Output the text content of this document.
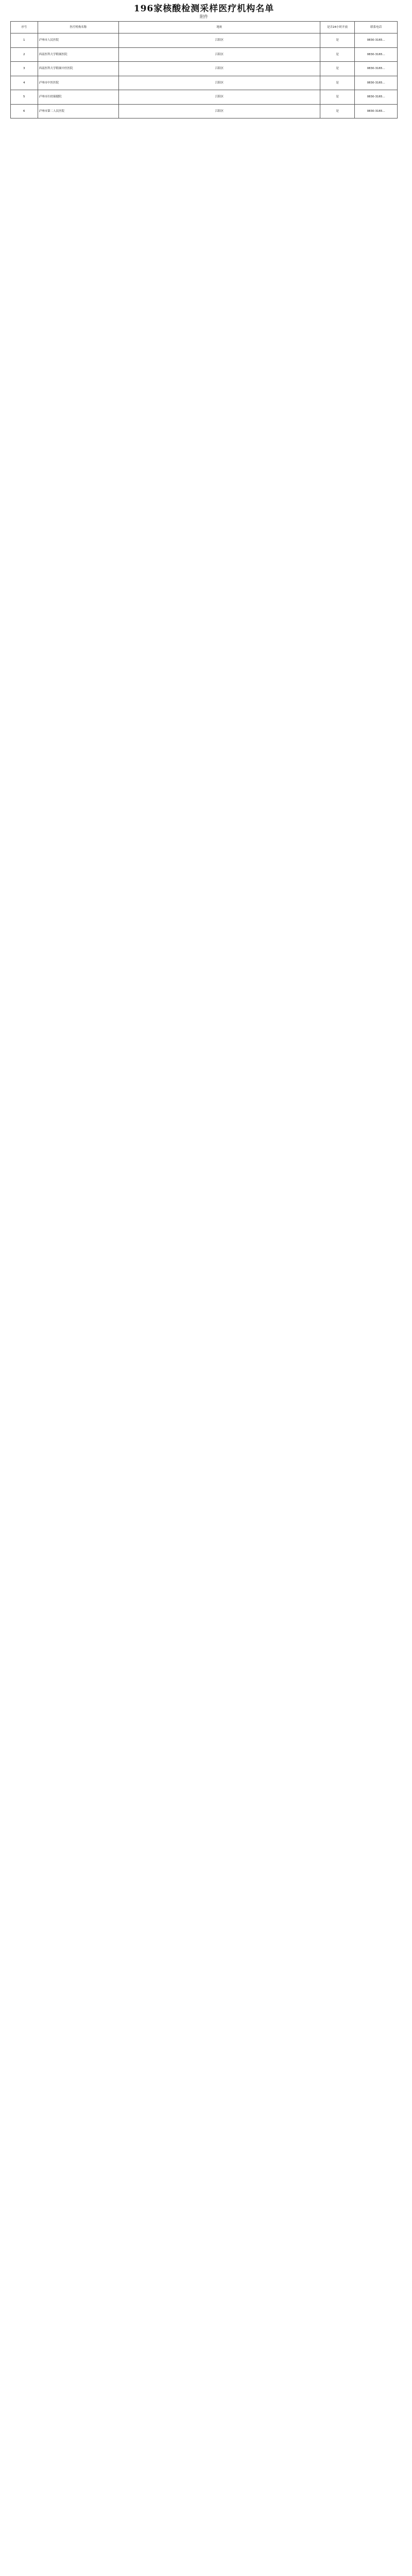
196家核酸检测采样医疗机构名单
附件
序号	医疗机构名称	地址	是否24小时开放	联系电话
1	泸州市人民医院	江阳区	是	0830-3165...
2	西南医科大学附属医院	江阳区	是	0830-3165...
3	西南医科大学附属中医医院	江阳区	是	0830-3165...
4	泸州市中医医院	江阳区	是	0830-3165...
5	泸州市妇幼保健院	江阳区	是	0830-3165...
6	泸州市第二人民医院	江阳区	是	0830-3165...
